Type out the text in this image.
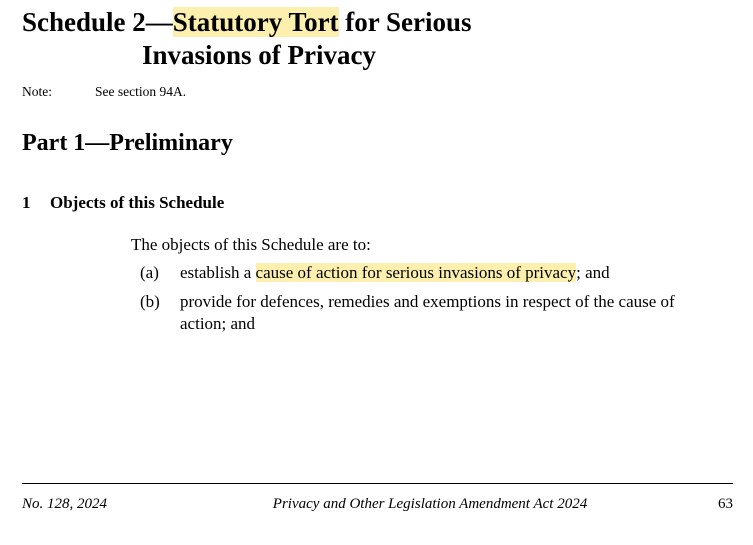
Schedule 2—Statutory Tort for Serious
Invasions of Privacy
Note:	See section 94A.
Part 1—Preliminary
1	Objects of this Schedule

The objects of this Schedule are to:

(a)	establish a cause of action for serious invasions of privacy; and
(b)	provide for defences, remedies and exemptions in respect of the cause of action; and
No. 128, 2024	Privacy and Other Legislation Amendment Act 2024	63
